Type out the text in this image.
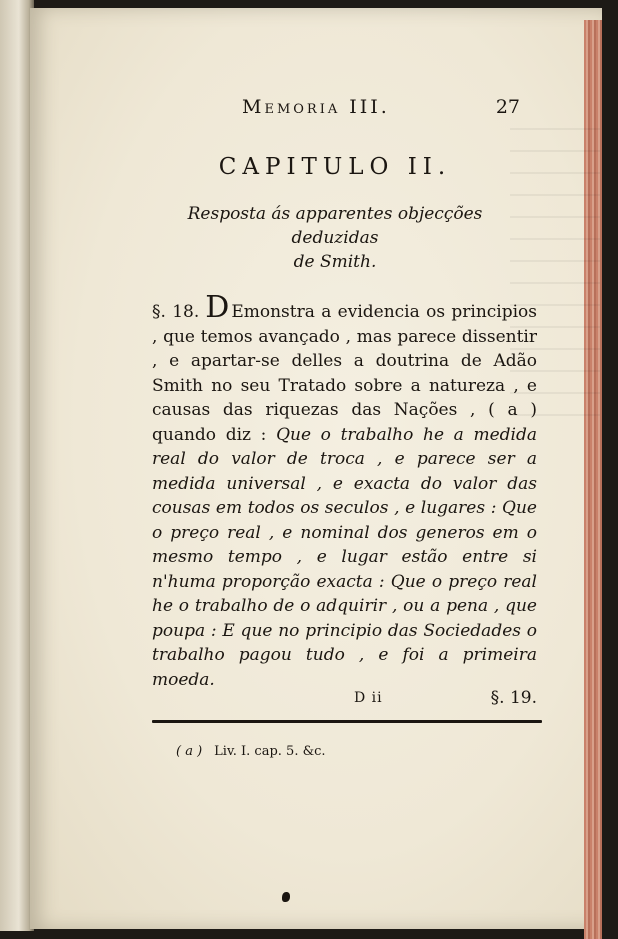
Memoria III.	27
CAPITULO II.
Resposta ás apparentes objecções deduzidas
de Smith.

§. 18. D Emonstra a evidencia os principios , que temos avançado , mas parece dissentir , e apartar-se delles a doutrina de Adão Smith no seu Tratado sobre a natureza , e causas das riquezas das Nações , ( a ) quando diz : Que o trabalho he a medida real do valor de troca , e parece ser a medida universal , e exacta do valor das cousas em todos os seculos , e lugares : Que o preço real , e nominal dos generos em o mesmo tempo , e lugar estão entre si n'huma proporção exacta : Que o preço real he o trabalho de o adquirir , ou a pena , que poupa : E que no principio das Sociedades o trabalho pagou tudo , e foi a primeira moeda.

D ii	§. 19.
( a ) Liv. I. cap. 5. &c.
